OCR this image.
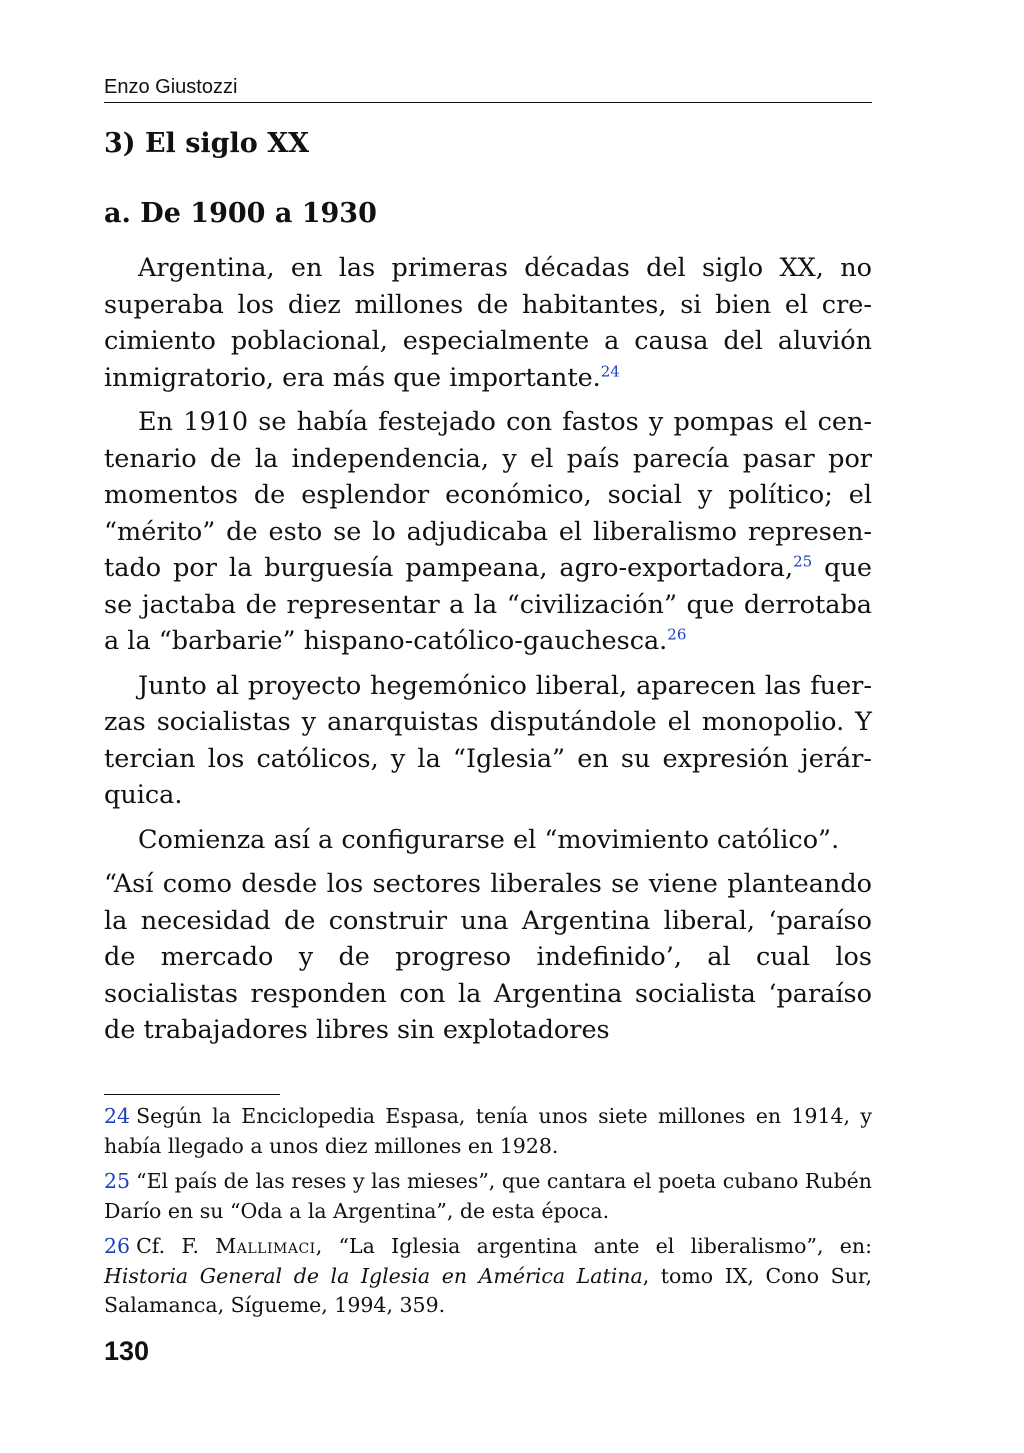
Enzo Giustozzi
3) El siglo XX
a. De 1900 a 1930

Argentina, en las primeras décadas del siglo XX, no superaba los diez millones de habitantes, si bien el crecimiento poblacional, especialmente a causa del aluvión inmigratorio, era más que importante.$^{24}$

En 1910 se había festejado con fastos y pompas el centenario de la independencia, y el país parecía pasar por momentos de esplendor económico, social y político; el “mérito” de esto se lo adjudicaba el liberalismo representado por la burguesía pampeana, agro-exportadora,$^{25}$ que se jactaba de representar a la “civilización” que derrotaba a la “barbarie” hispano-católico-gauchesca.$^{26}$

Junto al proyecto hegemónico liberal, aparecen las fuerzas socialistas y anarquistas disputándole el monopolio. Y tercian los católicos, y la “Iglesia” en su expresión jerárquica.

Comienza así a configurarse el “movimiento católico”.

“Así como desde los sectores liberales se viene planteando la necesidad de construir una Argentina liberal, ‘paraíso de mercado y de progreso indefinido’, al cual los socialistas responden con la Argentina socialista ‘paraíso de trabajadores libres sin explotadores

24 Según la Enciclopedia Espasa, tenía unos siete millones en 1914, y había llegado a unos diez millones en 1928.

25 “El país de las reses y las mieses”, que cantara el poeta cubano Rubén Darío en su “Oda a la Argentina”, de esta época.

26 Cf. F. Mallimaci, “La Iglesia argentina ante el liberalismo”, en: Historia General de la Iglesia en América Latina, tomo IX, Cono Sur, Salamanca, Sígueme, 1994, 359.

130
